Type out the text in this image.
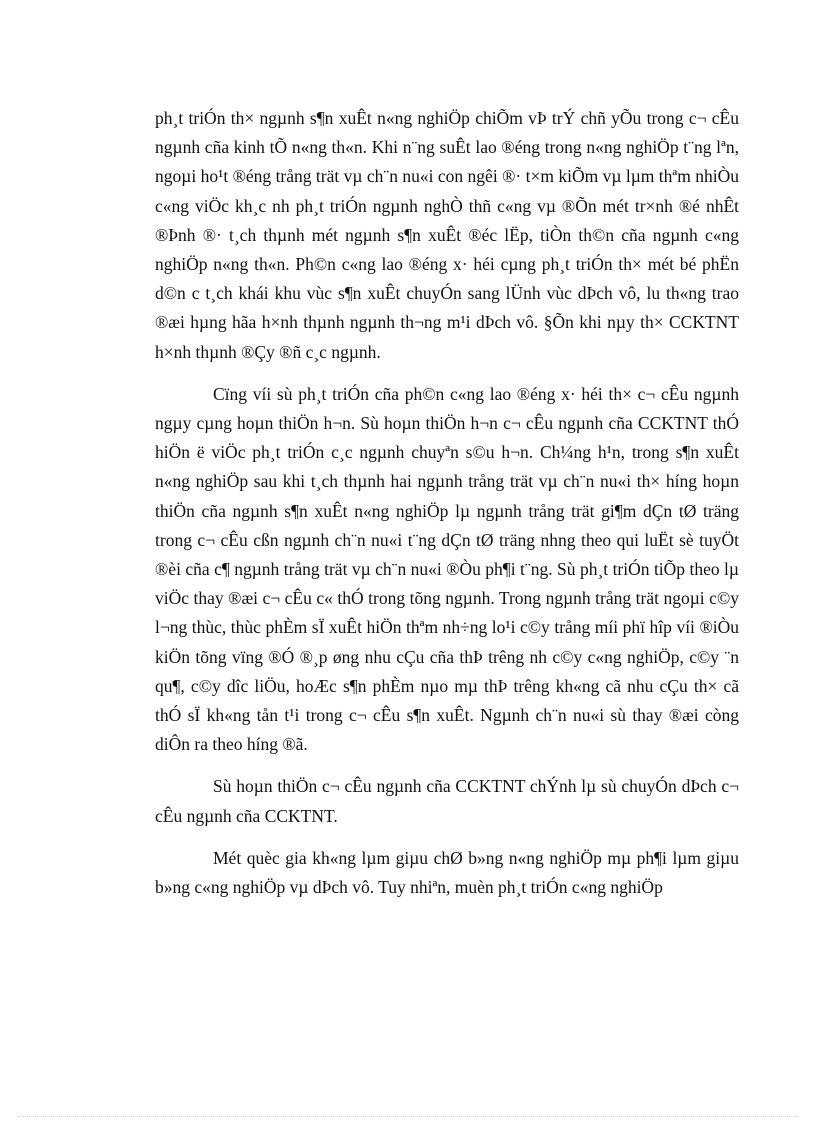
ph¸t triÓn th× ngµnh s¶n xuÊt n«ng nghiÖp chiÕm vÞ trÝ chñ yÕu trong c¬ cÊu ngµnh cña kinh tÕ n«ng th«n. Khi n¨ng suÊt lao ®éng trong n«ng nghiÖp t¨ng lªn, ngoµi ho¹t ®éng trång trät vµ ch¨n nu«i con ngêi ®· t×m kiÕm vµ lµm thªm nhiÒu c«ng viÖc kh¸c nh ph¸t triÓn ngµnh nghÒ thñ c«ng vµ ®Õn mét tr×nh ®é nhÊt ®Þnh ®· t¸ch thµnh mét ngµnh s¶n xuÊt ®éc lËp, tiÒn th©n cña ngµnh c«ng nghiÖp n«ng th«n. Ph©n c«ng lao ®éng x· héi cµng ph¸t triÓn th× mét bé phËn d©n c t¸ch khái khu vùc s¶n xuÊt chuyÓn sang lÜnh vùc dÞch vô, lu th«ng trao ®æi hµng hãa h×nh thµnh ngµnh th¬ng m¹i dÞch vô. §Õn khi nµy th× CCKTNT h×nh thµnh ®Çy ®ñ c¸c ngµnh.

Cïng víi sù ph¸t triÓn cña ph©n c«ng lao ®éng x· héi th× c¬ cÊu ngµnh ngµy cµng hoµn thiÖn h¬n. Sù hoµn thiÖn h¬n c¬ cÊu ngµnh cña CCKTNT thÓ hiÖn ë viÖc ph¸t triÓn c¸c ngµnh chuyªn s©u h¬n. Ch¼ng h¹n, trong s¶n xuÊt n«ng nghiÖp sau khi t¸ch thµnh hai ngµnh trång trät vµ ch¨n nu«i th× híng hoµn thiÖn cña ngµnh s¶n xuÊt n«ng nghiÖp lµ ngµnh trång trät gi¶m dÇn tØ träng trong c¬ cÊu cßn ngµnh ch¨n nu«i t¨ng dÇn tØ träng nhng theo qui luËt sè tuyÖt ®èi cña c¶ ngµnh trång trät vµ ch¨n nu«i ®Òu ph¶i t¨ng. Sù ph¸t triÓn tiÕp theo lµ viÖc thay ®æi c¬ cÊu c« thÓ trong tõng ngµnh. Trong ngµnh trång trät ngoµi c©y l¬ng thùc, thùc phÈm sÏ xuÊt hiÖn thªm nh÷ng lo¹i c©y trång míi phï hîp víi ®iÒu kiÖn tõng vïng ®Ó ®¸p øng nhu cÇu cña thÞ trêng nh c©y c«ng nghiÖp, c©y ¨n qu¶, c©y dîc liÖu, hoÆc s¶n phÈm nµo mµ thÞ trêng kh«ng cã nhu cÇu th× cã thÓ sÏ kh«ng tån t¹i trong c¬ cÊu s¶n xuÊt. Ngµnh ch¨n nu«i sù thay ®æi còng diÔn ra theo híng ®ã.

Sù hoµn thiÖn c¬ cÊu ngµnh cña CCKTNT chÝnh lµ sù chuyÓn dÞch c¬ cÊu ngµnh cña CCKTNT.

Mét quèc gia kh«ng lµm giµu chØ b»ng n«ng nghiÖp mµ ph¶i lµm giµu b»ng c«ng nghiÖp vµ dÞch vô. Tuy nhiªn, muèn ph¸t triÓn c«ng nghiÖp
